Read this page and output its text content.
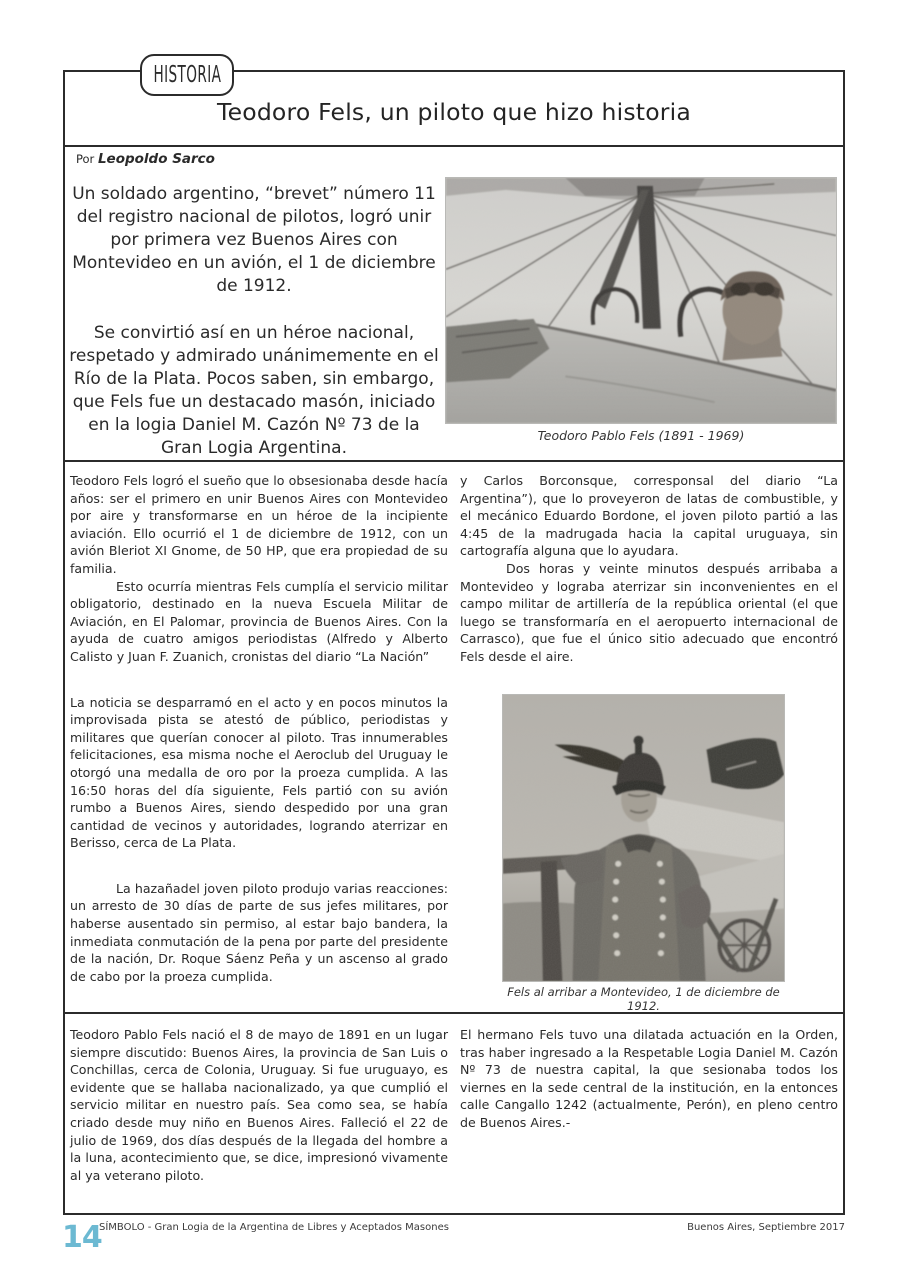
HISTORIA
Teodoro Fels, un piloto que hizo historia
Por Leopoldo Sarco

Un soldado argentino, “brevet” número 11 del registro nacional de pilotos, logró unir por primera vez Buenos Aires con Montevideo en un avión, el 1 de diciembre de 1912.

Se convirtió así en un héroe nacional, respetado y admirado unánimemente en el Río de la Plata. Pocos saben, sin embargo, que Fels fue un destacado masón, iniciado en la logia Daniel M. Cazón Nº 73 de la Gran Logia Argentina.

Teodoro Pablo Fels (1891 - 1969)

Teodoro Fels logró el sueño que lo obsesionaba desde hacía años: ser el primero en unir Buenos Aires con Montevideo por aire y transformarse en un héroe de la incipiente aviación. Ello ocurrió el 1 de diciembre de 1912, con un avión Bleriot XI Gnome, de 50 HP, que era propiedad de su familia.

Esto ocurría mientras Fels cumplía el servicio militar obligatorio, destinado en la nueva Escuela Militar de Aviación, en El Palomar, provincia de Buenos Aires. Con la ayuda de cuatro amigos periodistas (Alfredo y Alberto Calisto y Juan F. Zuanich, cronistas del diario “La Nación”

La noticia se desparramó en el acto y en pocos minutos la improvisada pista se atestó de público, periodistas y militares que querían conocer al piloto. Tras innumerables felicitaciones, esa misma noche el Aeroclub del Uruguay le otorgó una medalla de oro por la proeza cumplida. A las 16:50 horas del día siguiente, Fels partió con su avión rumbo a Buenos Aires, siendo despedido por una gran cantidad de vecinos y autoridades, logrando aterrizar en Berisso, cerca de La Plata.

La hazañadel joven piloto produjo varias reacciones: un arresto de 30 días de parte de sus jefes militares, por haberse ausentado sin permiso, al estar bajo bandera, la inmediata conmutación de la pena por parte del presidente de la nación, Dr. Roque Sáenz Peña y un ascenso al grado de cabo por la proeza cumplida.

y Carlos Borconsque, corresponsal del diario “La Argentina”), que lo proveyeron de latas de combustible, y el mecánico Eduardo Bordone, el joven piloto partió a las 4:45 de la madrugada hacia la capital uruguaya, sin cartografía alguna que lo ayudara.

Dos horas y veinte minutos después arribaba a Montevideo y lograba aterrizar sin inconvenientes en el campo militar de artillería de la república oriental (el que luego se transformaría en el aeropuerto internacional de Carrasco), que fue el único sitio adecuado que encontró Fels desde el aire.

Fels al arribar a Montevideo, 1 de diciembre de 1912.

Teodoro Pablo Fels nació el 8 de mayo de 1891 en un lugar siempre discutido: Buenos Aires, la provincia de San Luis o Conchillas, cerca de Colonia, Uruguay. Si fue uruguayo, es evidente que se hallaba nacionalizado, ya que cumplió el servicio militar en nuestro país. Sea como sea, se había criado desde muy niño en Buenos Aires. Falleció el 22 de julio de 1969, dos días después de la llegada del hombre a la luna, acontecimiento que, se dice, impresionó vivamente al ya veterano piloto.

El hermano Fels tuvo una dilatada actuación en la Orden, tras haber ingresado a la Respetable Logia Daniel M. Cazón Nº 73 de nuestra capital, la que sesionaba todos los viernes en la sede central de la institución, en la entonces calle Cangallo 1242 (actualmente, Perón), en pleno centro de Buenos Aires.-

14
SÍMBOLO - Gran Logia de la Argentina de Libres y Aceptados Masones	Buenos Aires, Septiembre 2017
